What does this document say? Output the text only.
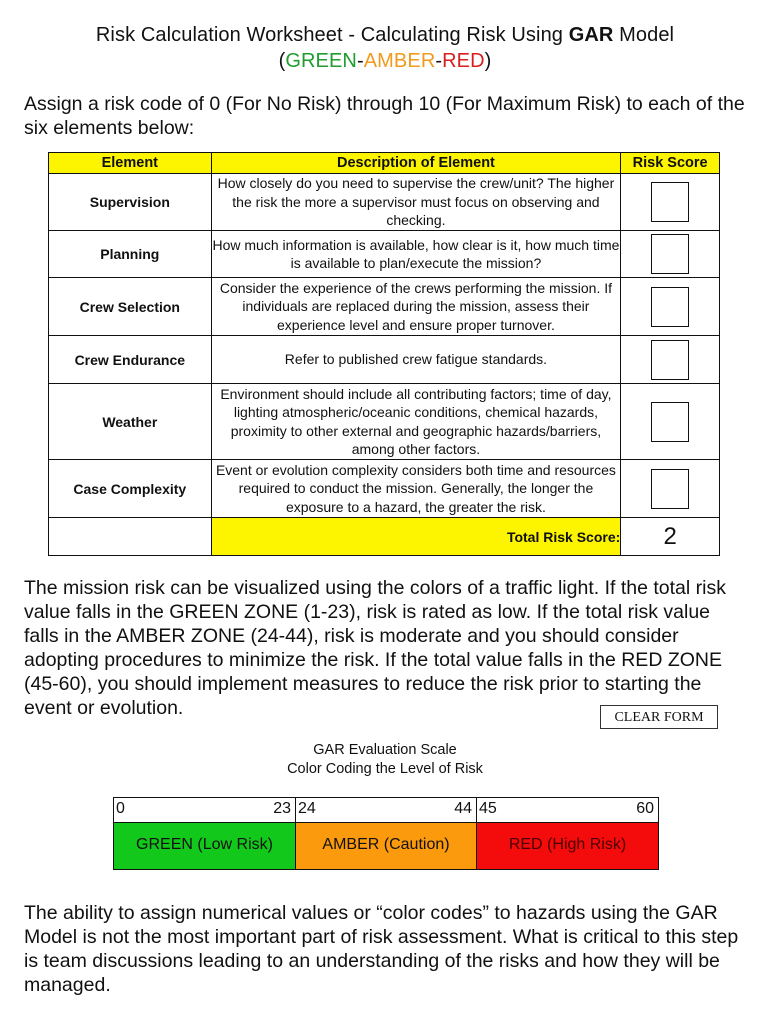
Risk Calculation Worksheet - Calculating Risk Using GAR Model
(GREEN-AMBER-RED)
Assign a risk code of 0 (For No Risk) through 10 (For Maximum Risk) to each of the six elements below:
Element	Description of Element	Risk Score
Supervision	How closely do you need to supervise the crew/unit? The higher the risk the more a supervisor must focus on observing and checking.	
Planning	How much information is available, how clear is it, how much time is available to plan/execute the mission?	
Crew Selection	Consider the experience of the crews performing the mission. If individuals are replaced during the mission, assess their experience level and ensure proper turnover.	
Crew Endurance	Refer to published crew fatigue standards.	
Weather	Environment should include all contributing factors; time of day, lighting atmospheric/oceanic conditions, chemical hazards, proximity to other external and geographic hazards/barriers, among other factors.	
Case Complexity	Event or evolution complexity considers both time and resources required to conduct the mission. Generally, the longer the exposure to a hazard, the greater the risk.	
	Total Risk Score:	2
The mission risk can be visualized using the colors of a traffic light. If the total risk value falls in the GREEN ZONE (1-23), risk is rated as low. If the total risk value falls in the AMBER ZONE (24-44), risk is moderate and you should consider adopting procedures to minimize the risk. If the total value falls in the RED ZONE (45-60), you should implement measures to reduce the risk prior to starting the event or evolution.	CLEAR FORM
GAR Evaluation Scale
Color Coding the Level of Risk
0	23
GREEN (Low Risk)
24	44
AMBER (Caution)
45	60
RED (High Risk)
The ability to assign numerical values or “color codes” to hazards using the GAR Model is not the most important part of risk assessment. What is critical to this step is team discussions leading to an understanding of the risks and how they will be managed.
